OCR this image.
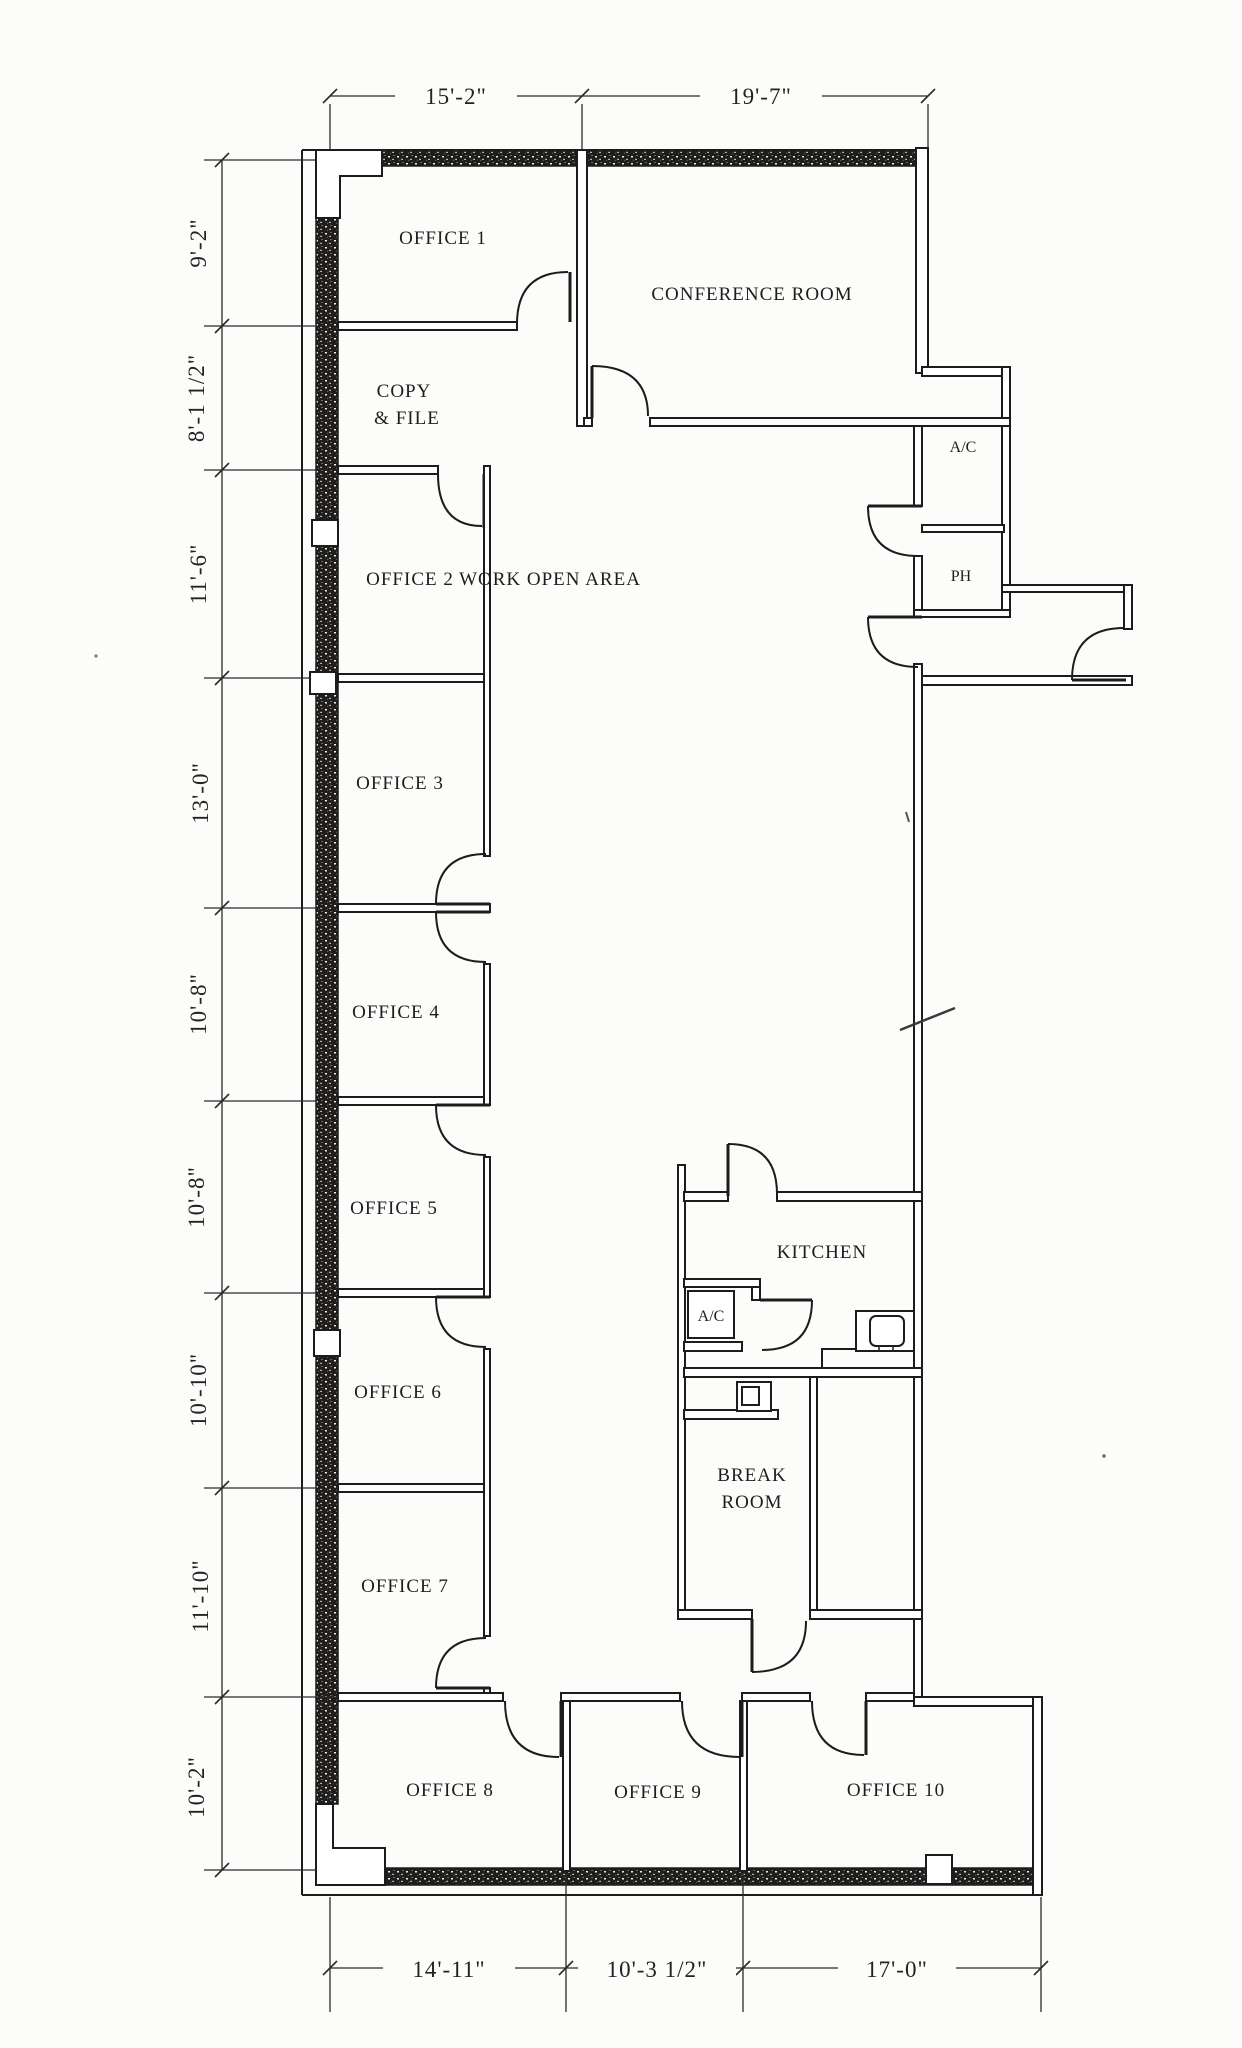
15'-2"	19'-7"
9'-2"
8'-1 1/2"
11'-6"
13'-0"
10'-8"
10'-8"
10'-10"
11'-10"
10'-2"
14'-11"	10'-3 1/2"	17'-0"
OFFICE 1
CONFERENCE ROOM
COPY
& FILE
OFFICE 2
OFFICE 3
OFFICE 4
OFFICE 5
OFFICE 6
OFFICE 7
OFFICE 8	OFFICE 9	OFFICE 10
WORK OPEN AREA
KITCHEN
BREAK
ROOM
A/C
PH
A/C
